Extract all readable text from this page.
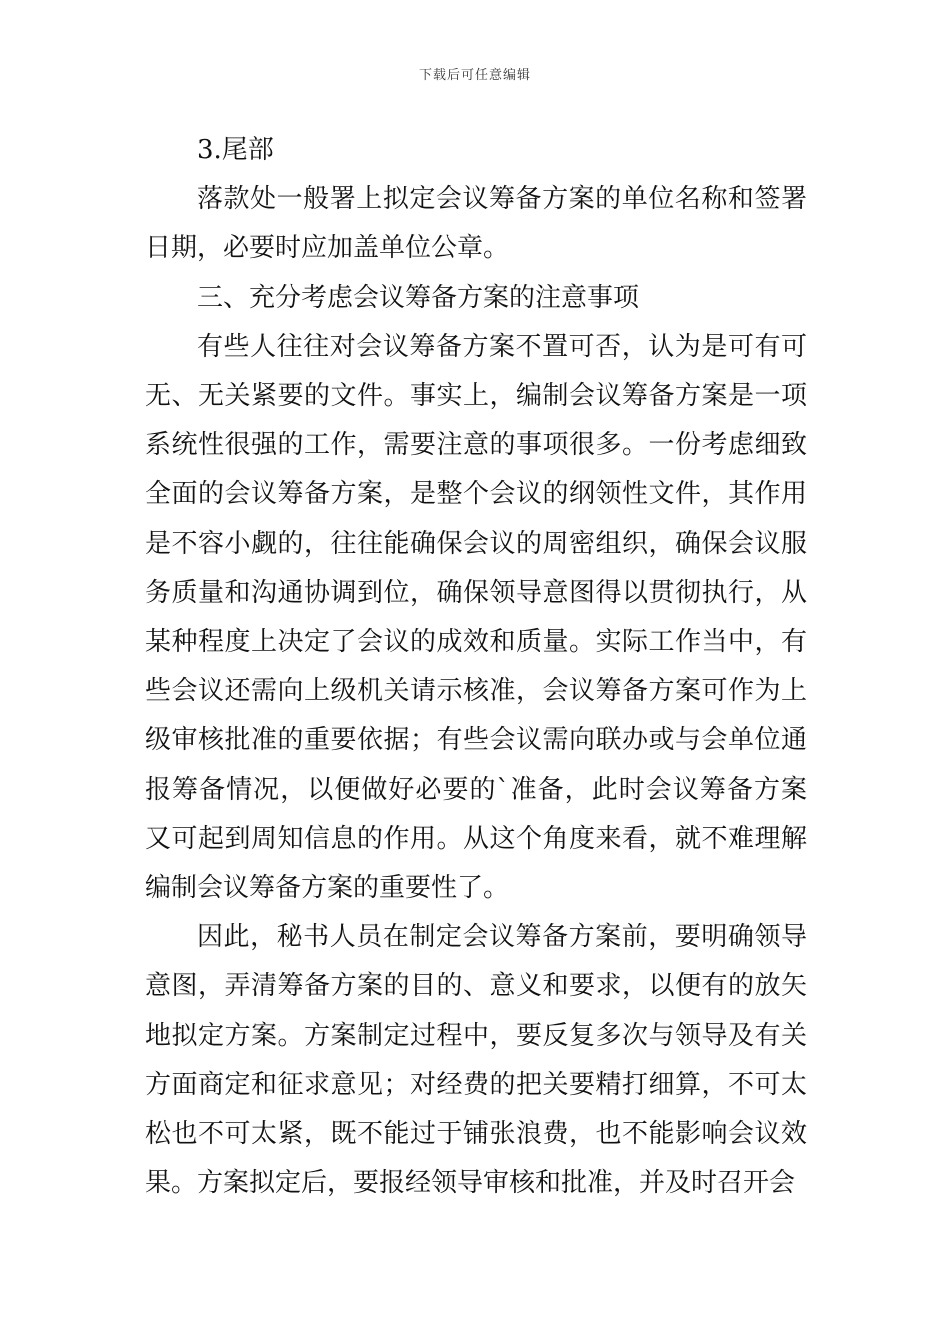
下载后可任意编辑

3.尾部

落款处一般署上拟定会议筹备方案的单位名称和签署日期，必要时应加盖单位公章。

三、充分考虑会议筹备方案的注意事项

有些人往往对会议筹备方案不置可否，认为是可有可无、无关紧要的文件。事实上，编制会议筹备方案是一项系统性很强的工作，需要注意的事项很多。一份考虑细致全面的会议筹备方案，是整个会议的纲领性文件，其作用是不容小觑的，往往能确保会议的周密组织，确保会议服务质量和沟通协调到位，确保领导意图得以贯彻执行，从某种程度上决定了会议的成效和质量。实际工作当中，有些会议还需向上级机关请示核准，会议筹备方案可作为上级审核批准的重要依据；有些会议需向联办或与会单位通报筹备情况，以便做好必要的`准备，此时会议筹备方案又可起到周知信息的作用。从这个角度来看，就不难理解编制会议筹备方案的重要性了。

因此，秘书人员在制定会议筹备方案前，要明确领导意图，弄清筹备方案的目的、意义和要求，以便有的放矢地拟定方案。方案制定过程中，要反复多次与领导及有关方面商定和征求意见；对经费的把关要精打细算，不可太松也不可太紧，既不能过于铺张浪费，也不能影响会议效果。方案拟定后，要报经领导审核和批准，并及时召开会
